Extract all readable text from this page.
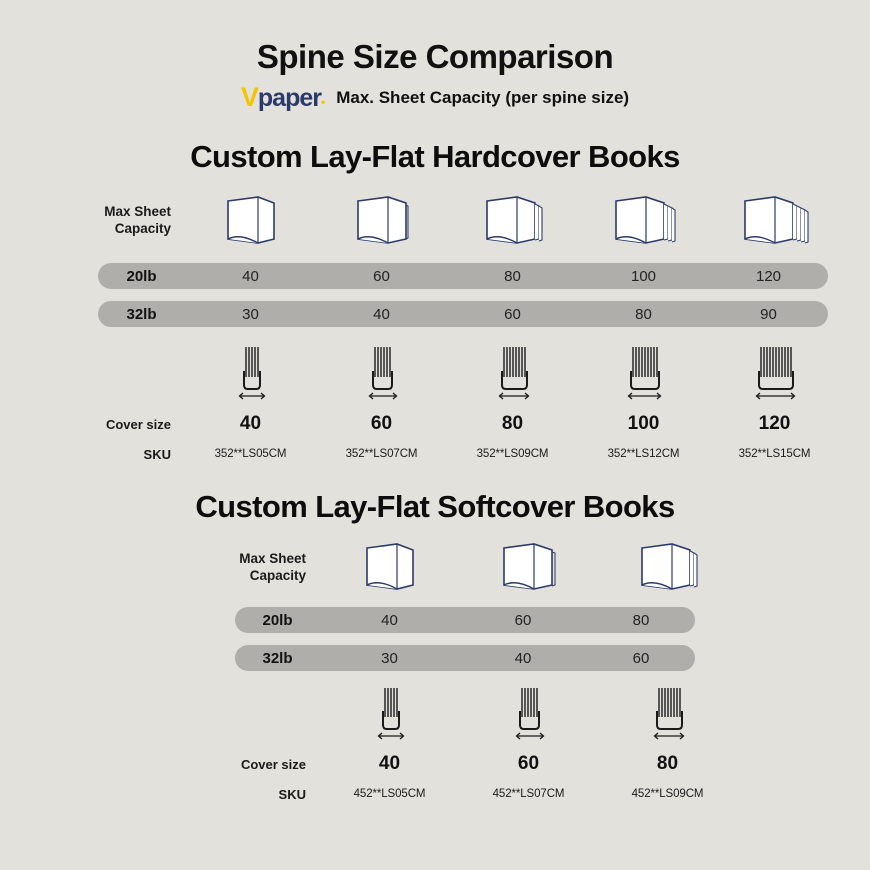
Spine Size Comparison
V paper • Max. Sheet Capacity (per spine size)
Custom Lay-Flat Hardcover Books
Max Sheet
Capacity
20lb	40	60	80	100	120
32lb	30	40	60	80	90
Cover size	40	60	80	100	120
SKU	352**LS05CM	352**LS07CM	352**LS09CM	352**LS12CM	352**LS15CM
Custom Lay-Flat Softcover Books
Max Sheet
Capacity
20lb	40	60	80
32lb	30	40	60
Cover size	40	60	80
SKU	452**LS05CM	452**LS07CM	452**LS09CM
